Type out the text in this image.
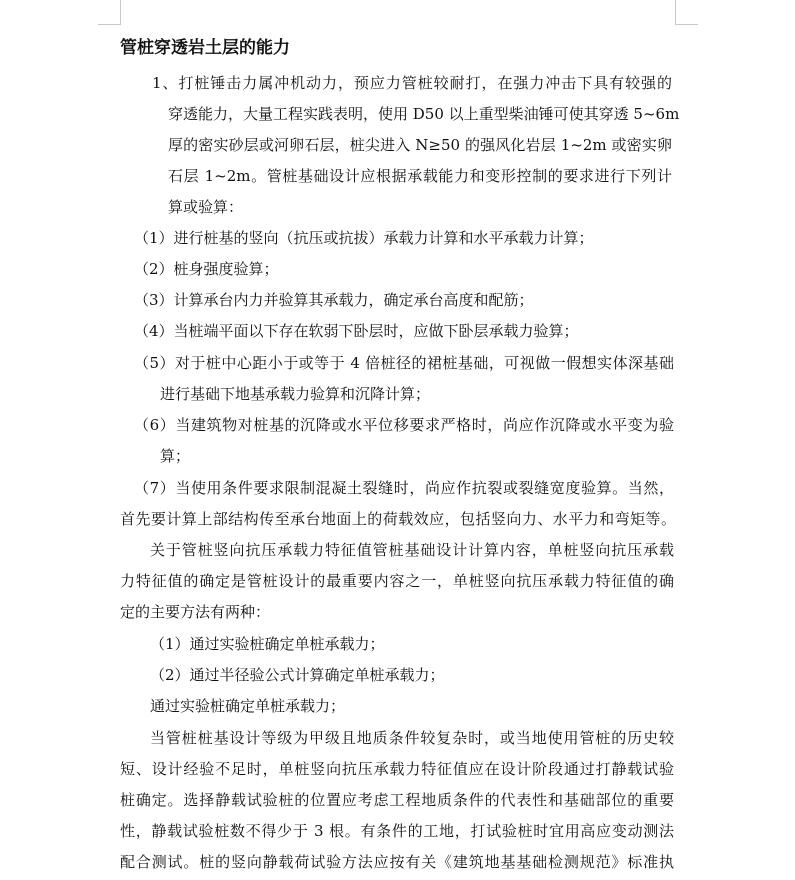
管桩穿透岩土层的能力
1、打桩锤击力属冲机动力，预应力管桩较耐打，在强力冲击下具有较强的
穿透能力，大量工程实践表明，使用 D50 以上重型柴油锤可使其穿透 5~6m
厚的密实砂层或河卵石层，桩尖进入 N≥50 的强风化岩层 1~2m 或密实卵
石层 1~2m。管桩基础设计应根据承载能力和变形控制的要求进行下列计
算或验算：
（1）进行桩基的竖向（抗压或抗拔）承载力计算和水平承载力计算；
（2）桩身强度验算；
（3）计算承台内力并验算其承载力，确定承台高度和配筋；
（4）当桩端平面以下存在软弱下卧层时，应做下卧层承载力验算；
（5）对于桩中心距小于或等于 4 倍桩径的裙桩基础，可视做一假想实体深基础
进行基础下地基承载力验算和沉降计算；
（6）当建筑物对桩基的沉降或水平位移要求严格时，尚应作沉降或水平变为验
算；
（7）当使用条件要求限制混凝土裂缝时，尚应作抗裂或裂缝宽度验算。当然，
首先要计算上部结构传至承台地面上的荷载效应，包括竖向力、水平力和弯矩等。
关于管桩竖向抗压承载力特征值管桩基础设计计算内容，单桩竖向抗压承载
力特征值的确定是管桩设计的最重要内容之一，单桩竖向抗压承载力特征值的确
定的主要方法有两种：
（1）通过实验桩确定单桩承载力；
（2）通过半径验公式计算确定单桩承载力；
通过实验桩确定单桩承载力；
当管桩桩基设计等级为甲级且地质条件较复杂时，或当地使用管桩的历史较
短、设计经验不足时，单桩竖向抗压承载力特征值应在设计阶段通过打静载试验
桩确定。选择静载试验桩的位置应考虑工程地质条件的代表性和基础部位的重要
性，静载试验桩数不得少于 3 根。有条件的工地，打试验桩时宜用高应变动测法
配合测试。桩的竖向静载荷试验方法应按有关《建筑地基基础检测规范》标准执
